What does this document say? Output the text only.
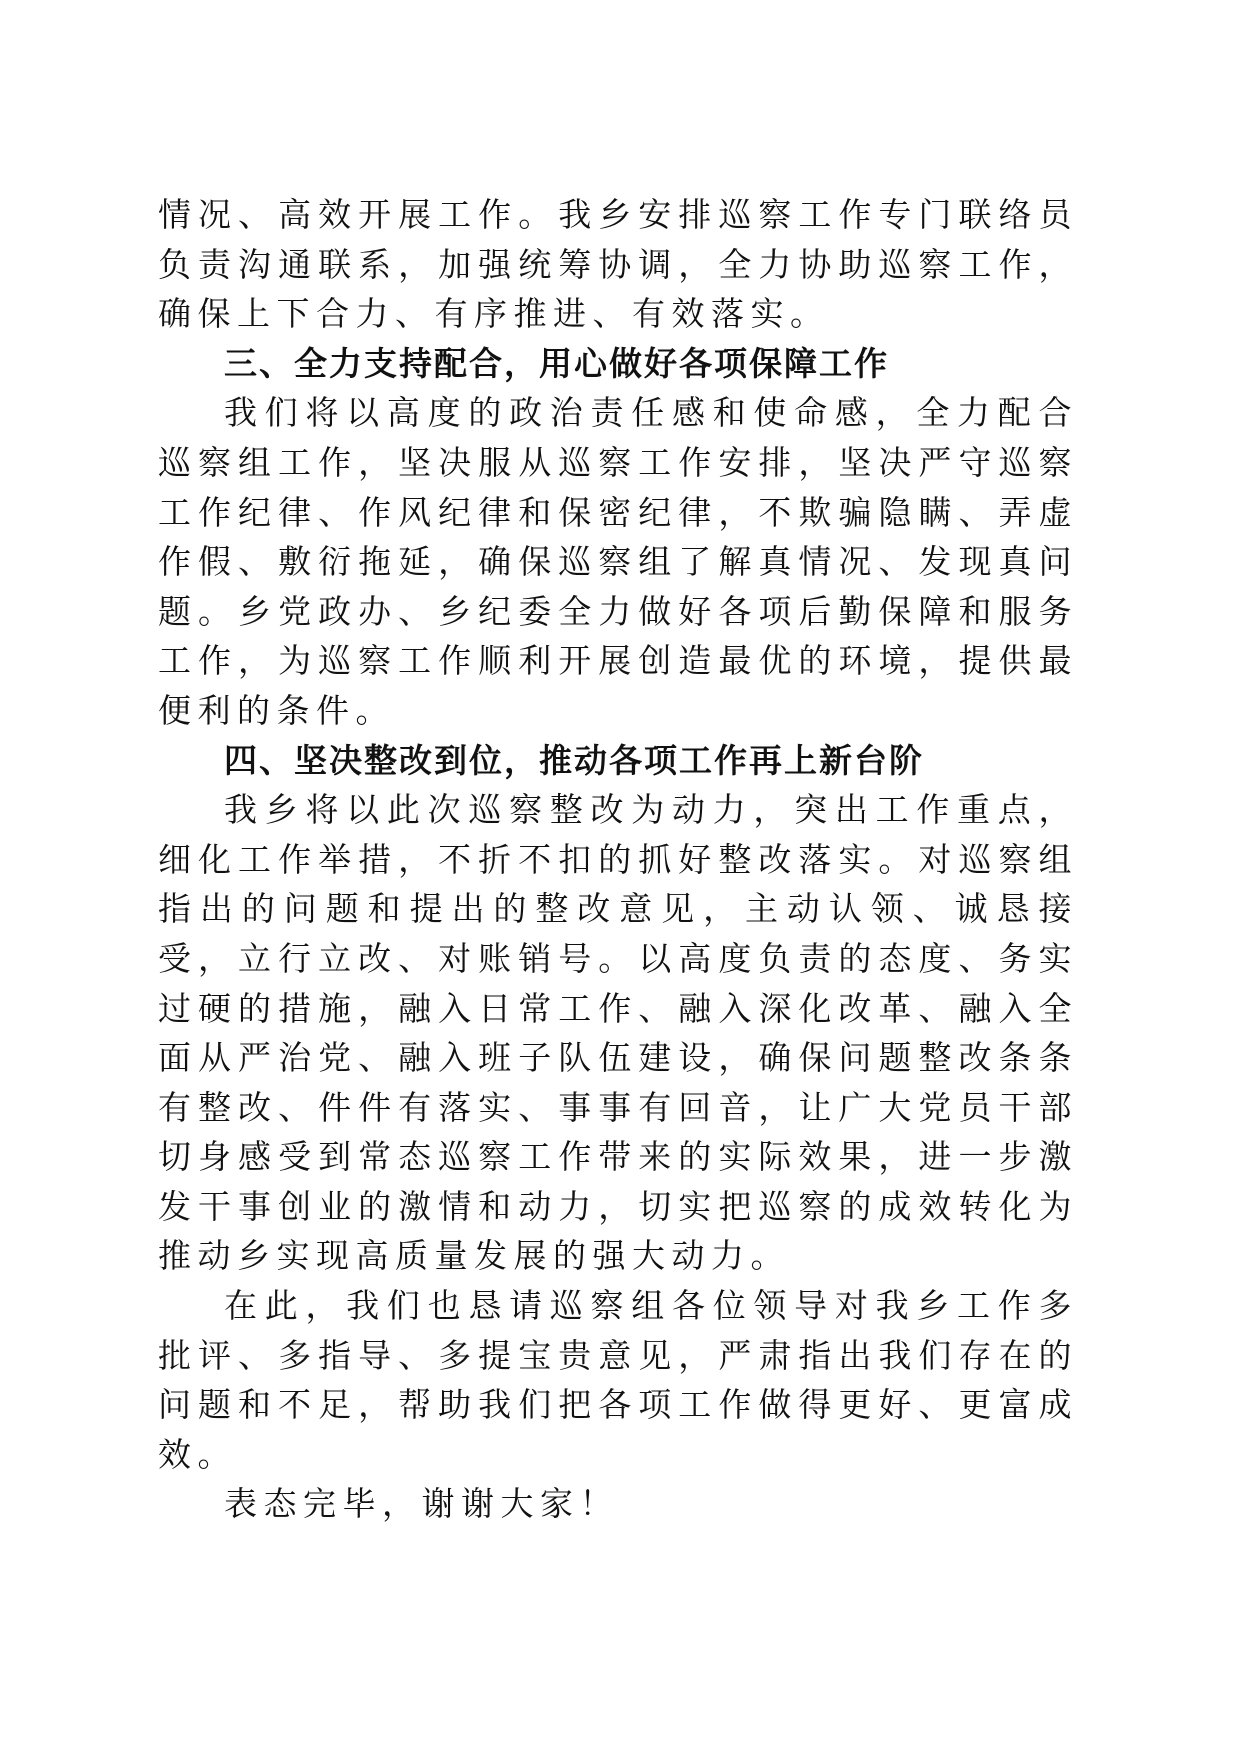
情况、高效开展工作。我乡安排巡察工作专门联络员负责沟通联系，加强统筹协调，全力协助巡察工作，确保上下合力、有序推进、有效落实。

三、全力支持配合，用心做好各项保障工作

我们将以高度的政治责任感和使命感，全力配合巡察组工作，坚决服从巡察工作安排，坚决严守巡察工作纪律、作风纪律和保密纪律，不欺骗隐瞒、弄虚作假、敷衍拖延，确保巡察组了解真情况、发现真问题。乡党政办、乡纪委全力做好各项后勤保障和服务工作，为巡察工作顺利开展创造最优的环境，提供最便利的条件。

四、坚决整改到位，推动各项工作再上新台阶

我乡将以此次巡察整改为动力，突出工作重点，细化工作举措，不折不扣的抓好整改落实。对巡察组指出的问题和提出的整改意见，主动认领、诚恳接受，立行立改、对账销号。以高度负责的态度、务实过硬的措施，融入日常工作、融入深化改革、融入全面从严治党、融入班子队伍建设，确保问题整改条条有整改、件件有落实、事事有回音，让广大党员干部切身感受到常态巡察工作带来的实际效果，进一步激发干事创业的激情和动力，切实把巡察的成效转化为推动乡实现高质量发展的强大动力。

在此，我们也恳请巡察组各位领导对我乡工作多批评、多指导、多提宝贵意见，严肃指出我们存在的问题和不足，帮助我们把各项工作做得更好、更富成效。

表态完毕，谢谢大家！
